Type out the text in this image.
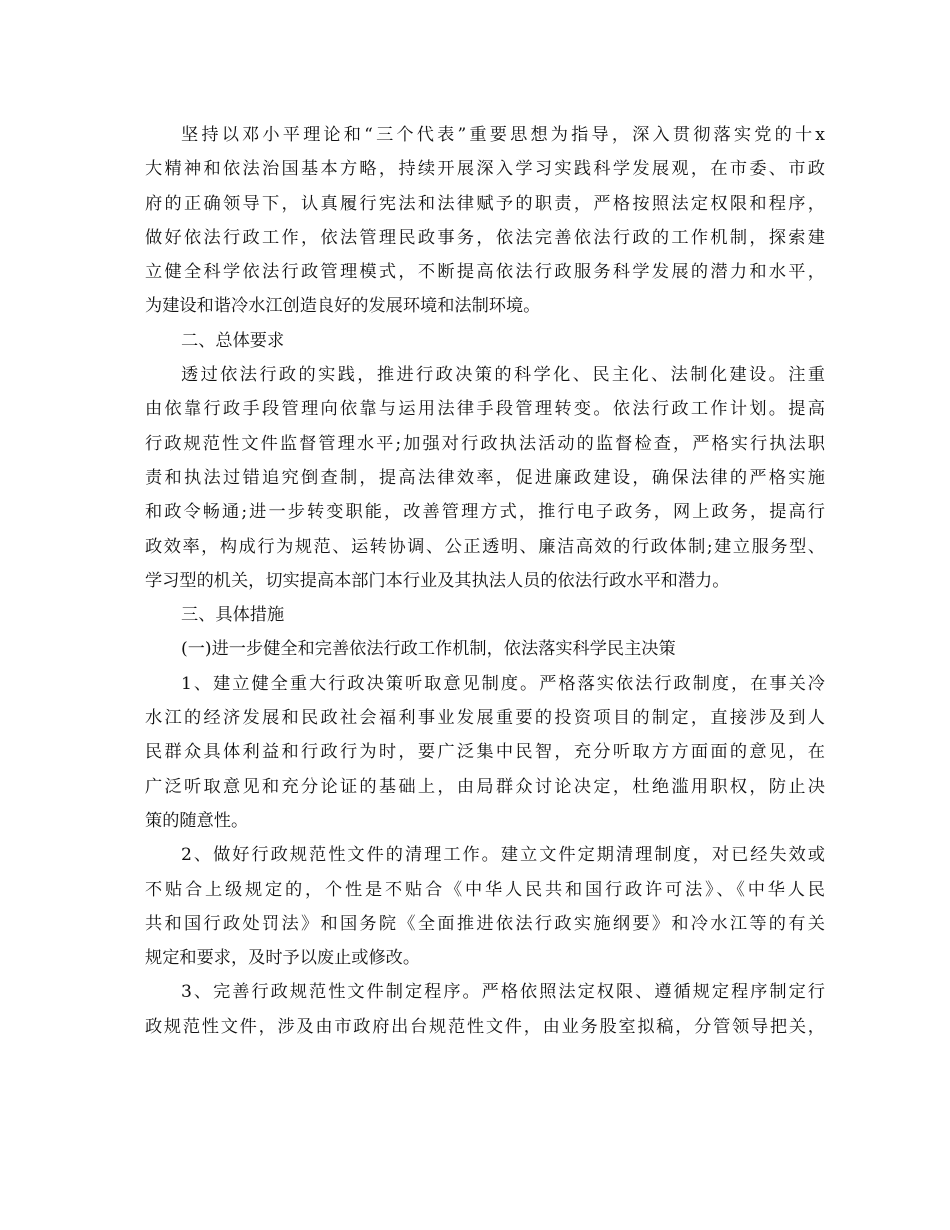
坚持以邓小平理论和“三个代表”重要思想为指导，深入贯彻落实党的十x
大精神和依法治国基本方略，持续开展深入学习实践科学发展观，在市委、市政
府的正确领导下，认真履行宪法和法律赋予的职责，严格按照法定权限和程序，
做好依法行政工作，依法管理民政事务，依法完善依法行政的工作机制，探索建
立健全科学依法行政管理模式，不断提高依法行政服务科学发展的潜力和水平，
为建设和谐冷水江创造良好的发展环境和法制环境。
二、总体要求
透过依法行政的实践，推进行政决策的科学化、民主化、法制化建设。注重
由依靠行政手段管理向依靠与运用法律手段管理转变。依法行政工作计划。提高
行政规范性文件监督管理水平;加强对行政执法活动的监督检查，严格实行执法职
责和执法过错追究倒查制，提高法律效率，促进廉政建设，确保法律的严格实施
和政令畅通;进一步转变职能，改善管理方式，推行电子政务，网上政务，提高行
政效率，构成行为规范、运转协调、公正透明、廉洁高效的行政体制;建立服务型、
学习型的机关，切实提高本部门本行业及其执法人员的依法行政水平和潜力。
三、具体措施
(一)进一步健全和完善依法行政工作机制，依法落实科学民主决策
1、建立健全重大行政决策听取意见制度。严格落实依法行政制度，在事关冷
水江的经济发展和民政社会福利事业发展重要的投资项目的制定，直接涉及到人
民群众具体利益和行政行为时，要广泛集中民智，充分听取方方面面的意见，在
广泛听取意见和充分论证的基础上，由局群众讨论决定，杜绝滥用职权，防止决
策的随意性。
2、做好行政规范性文件的清理工作。建立文件定期清理制度，对已经失效或
不贴合上级规定的，个性是不贴合《中华人民共和国行政许可法》、《中华人民
共和国行政处罚法》和国务院《全面推进依法行政实施纲要》和冷水江等的有关
规定和要求，及时予以废止或修改。
3、完善行政规范性文件制定程序。严格依照法定权限、遵循规定程序制定行
政规范性文件，涉及由市政府出台规范性文件，由业务股室拟稿，分管领导把关，
